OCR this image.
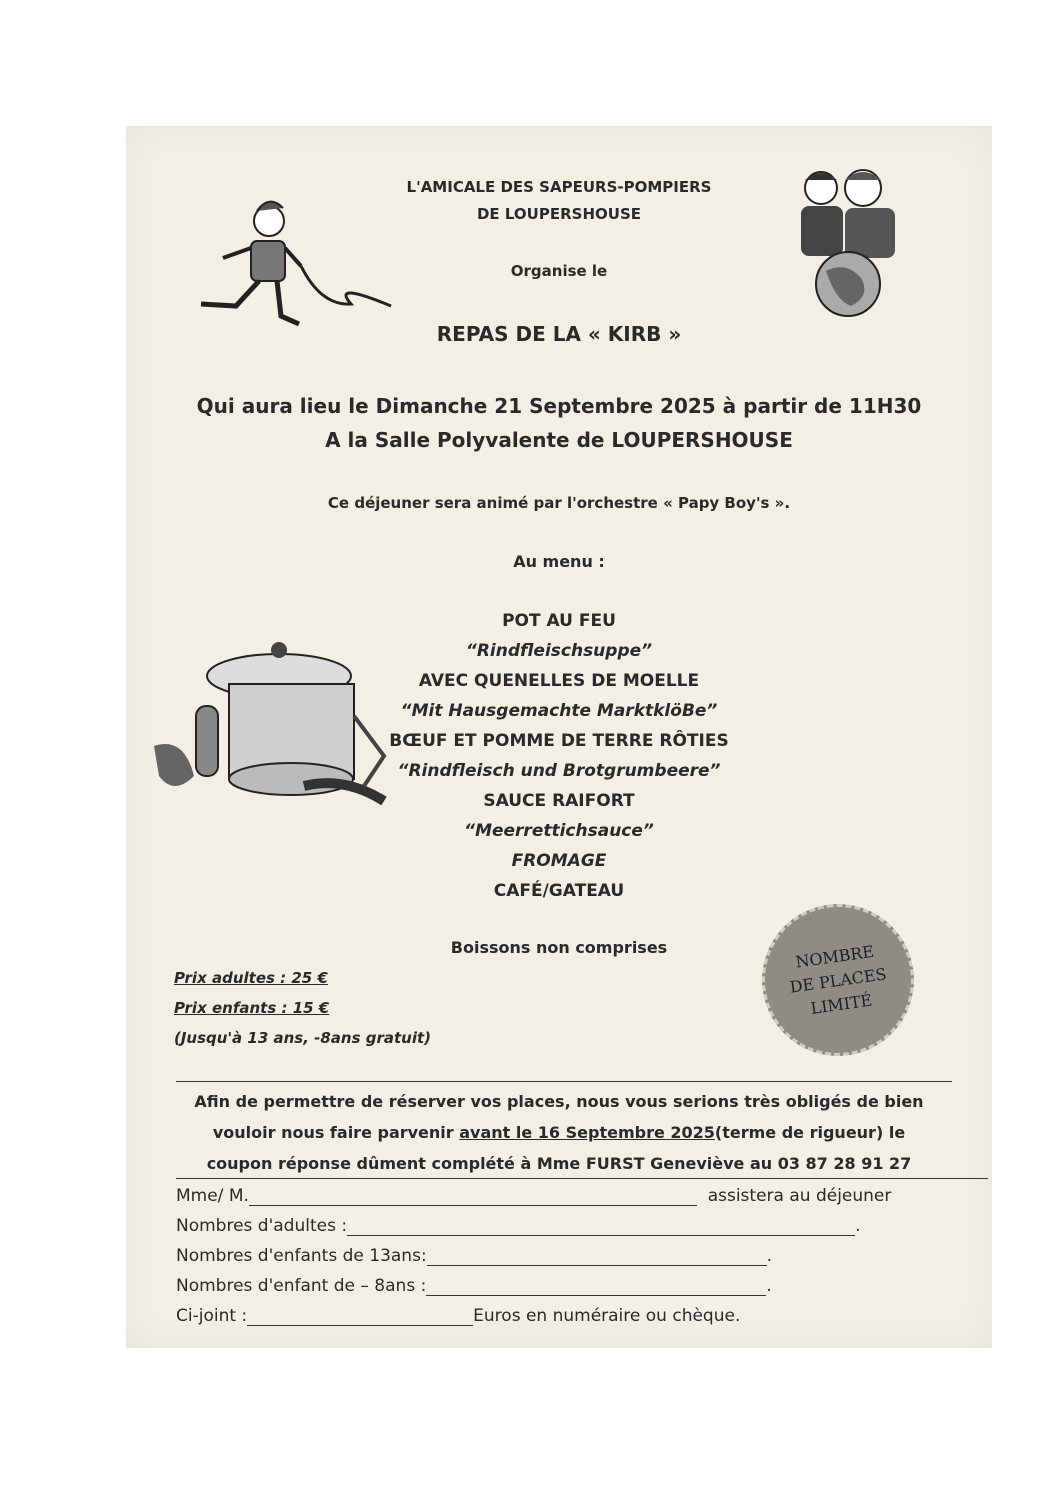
L'AMICALE DES SAPEURS-POMPIERS
DE LOUPERSHOUSE
Organise le
REPAS DE LA « KIRB »
Qui aura lieu le Dimanche 21 Septembre 2025 à partir de 11H30
A la Salle Polyvalente de LOUPERSHOUSE
Ce déjeuner sera animé par l'orchestre « Papy Boy's ».
Au menu :
POT AU FEU
“Rindfleischsuppe”
AVEC QUENELLES DE MOELLE
“Mit Hausgemachte MarktklöBe”
BŒUF ET POMME DE TERRE RÔTIES
“Rindfleisch und Brotgrumbeere”
SAUCE RAIFORT
“Meerrettichsauce”
FROMAGE
CAFÉ/GATEAU
Boissons non comprises
Prix adultes : 25 €
Prix enfants : 15 €
(Jusqu'à 13 ans, -8ans gratuit)
NOMBRE
DE PLACES
LIMITÉ
Afin de permettre de réserver vos places, nous vous serions très obligés de bien
vouloir nous faire parvenir avant le 16 Septembre 2025(terme de rigueur) le
coupon réponse dûment complété à Mme FURST Geneviève au 03 87 28 91 27
Mme/ M.	assistera au déjeuner
Nombres d'adultes :	.
Nombres d'enfants de 13ans:	.
Nombres d'enfant de – 8ans :	.
Ci-joint :	Euros en numéraire ou chèque.
